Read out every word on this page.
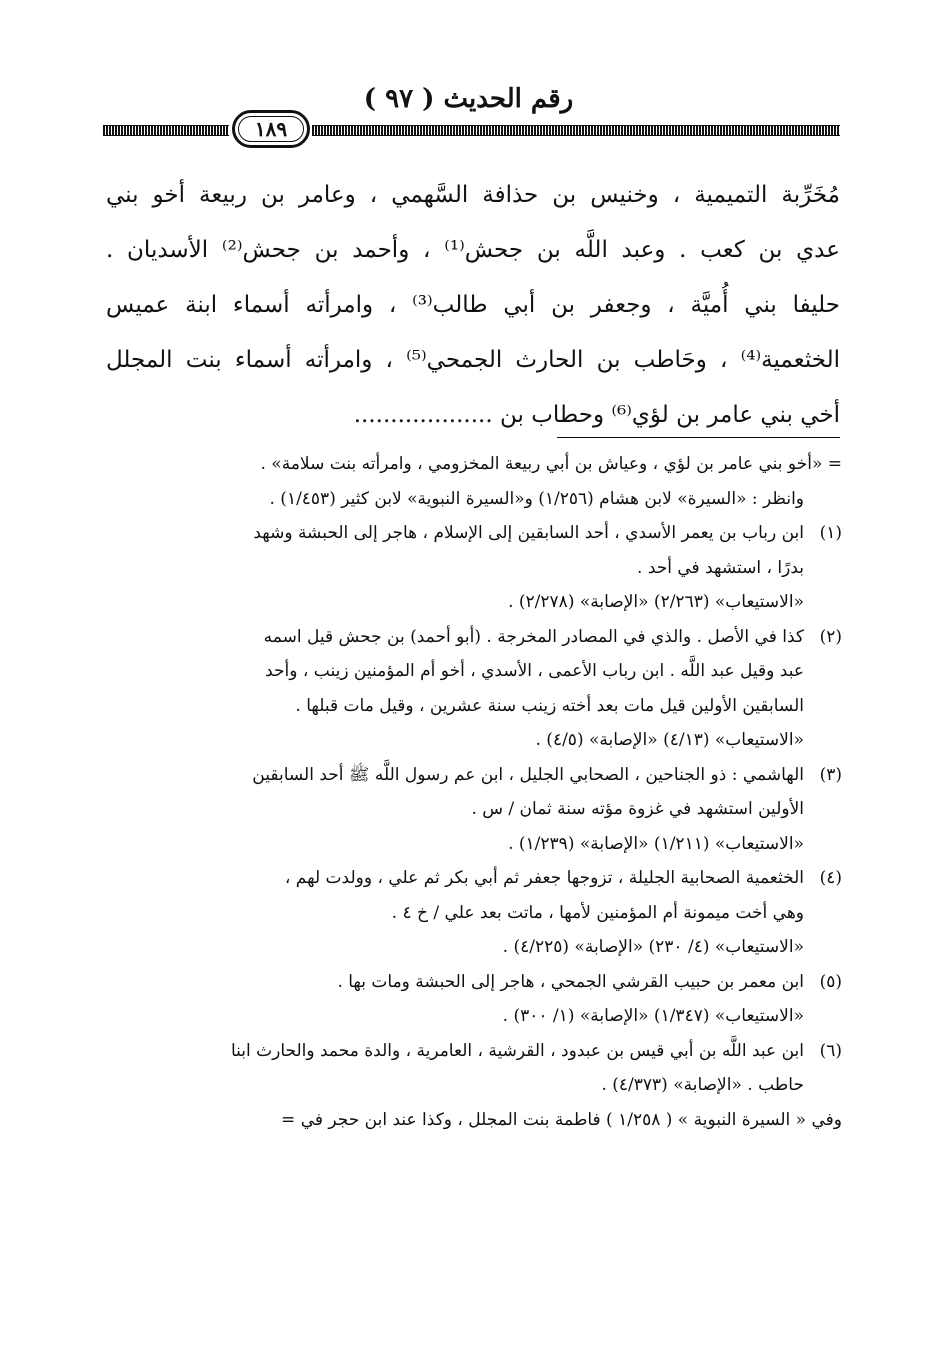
رقم الحديث ( ٩٧ )
١٨٩
مُخَرِّبة التميمية ، وخنيس بن حذافة السَّهمي ، وعامر بن ربيعة أخو بني
عدي بن كعب . وعبد اللَّه بن جحش⁽¹⁾ ، وأحمد بن جحش⁽²⁾ الأسديان .
حليفا بني أُميَّة ، وجعفر بن أبي طالب⁽³⁾ ، وامرأته أسماء ابنة عميس
الخثعمية⁽⁴⁾ ، وحَاطب بن الحارث الجمحي⁽⁵⁾ ، وامرأته أسماء بنت المجلل
أخي بني عامر بن لؤي⁽⁶⁾ وحطاب بن ...................
= «أخو بني عامر بن لؤي ، وعياش بن أبي ربيعة المخزومي ، وامرأته بنت سلامة» .
وانظر : «السيرة» لابن هشام (١/٢٥٦) و«السيرة النبوية» لابن كثير (١/٤٥٣) .
(١)ابن رباب بن يعمر الأسدي ، أحد السابقين إلى الإسلام ، هاجر إلى الحبشة وشهد
بدرًا ، استشهد في أحد .
«الاستيعاب» (٢/٢٦٣) «الإصابة» (٢/٢٧٨) .
(٢)كذا في الأصل . والذي في المصادر المخرجة . (أبو أحمد) بن جحش قيل اسمه
عبد وقيل عبد اللَّه . ابن رباب الأعمى ، الأسدي ، أخو أم المؤمنين زينب ، وأحد
السابقين الأولين قيل مات بعد أخته زينب سنة عشرين ، وقيل مات قبلها .
«الاستيعاب» (٤/١٣) «الإصابة» (٤/٥) .
(٣)الهاشمي : ذو الجناحين ، الصحابي الجليل ، ابن عم رسول اللَّه ﷺ أحد السابقين
الأولين استشهد في غزوة مؤته سنة ثمان / س .
«الاستيعاب» (١/٢١١) «الإصابة» (١/٢٣٩) .
(٤)الخثعمية الصحابية الجليلة ، تزوجها جعفر ثم أبي بكر ثم علي ، وولدت لهم ،
وهي أخت ميمونة أم المؤمنين لأمها ، ماتت بعد علي / خ ٤ .
«الاستيعاب» (٤/ ٢٣٠) «الإصابة» (٤/٢٢٥) .
(٥)ابن معمر بن حبيب القرشي الجمحي ، هاجر إلى الحبشة ومات بها .
«الاستيعاب» (١/٣٤٧) «الإصابة» (١/ ٣٠٠) .
(٦)ابن عبد اللَّه بن أبي قيس بن عبدود ، القرشية ، العامرية ، والدة محمد والحارث ابنا
حاطب . «الإصابة» (٤/٣٧٣) .
وفي « السيرة النبوية » ( ١/٢٥٨ ) فاطمة بنت المجلل ، وكذا عند ابن حجر في =
